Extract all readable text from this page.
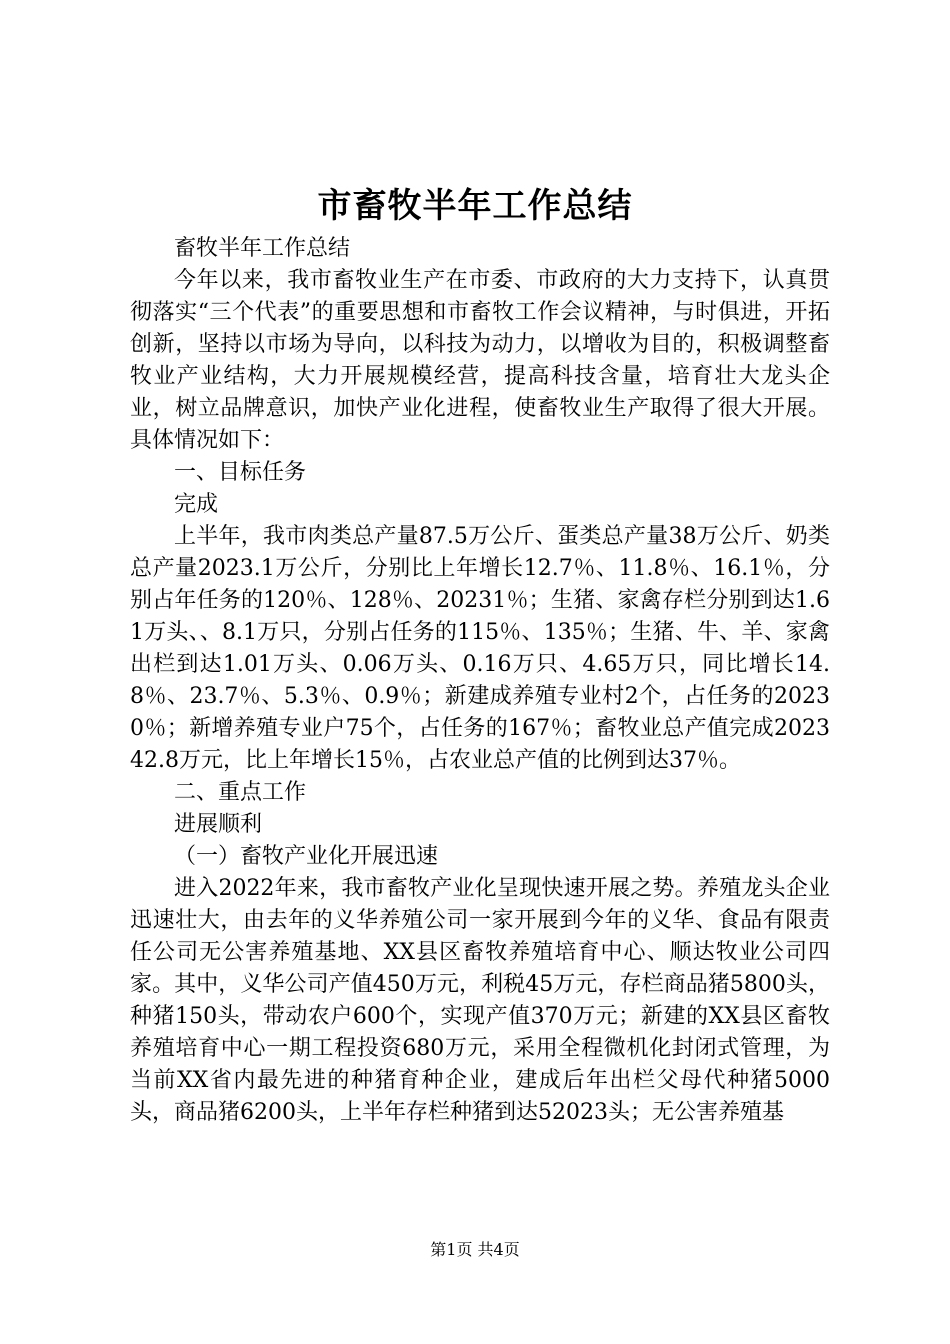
市畜牧半年工作总结

畜牧半年工作总结

今年以来，我市畜牧业生产在市委、市政府的大力支持下，认真贯彻落实“三个代表”的重要思想和市畜牧工作会议精神，与时俱进，开拓创新，坚持以市场为导向，以科技为动力，以增收为目的，积极调整畜牧业产业结构，大力开展规模经营，提高科技含量，培育壮大龙头企业，树立品牌意识，加快产业化进程，使畜牧业生产取得了很大开展。具体情况如下：

一、目标任务

完成

上半年，我市肉类总产量87.5万公斤、蛋类总产量38万公斤、奶类总产量2023.1万公斤，分别比上年增长12.7％、11.8％、16.1％，分别占年任务的120％、128％、20231％；生猪、家禽存栏分别到达1.61万头、、8.1万只，分别占任务的115％、135％；生猪、牛、羊、家禽出栏到达1.01万头、0.06万头、0.16万只、4.65万只，同比增长14.8％、23.7％、5.3％、0.9％；新建成养殖专业村2个，占任务的20230％；新增养殖专业户75个，占任务的167％；畜牧业总产值完成202342.8万元，比上年增长15％，占农业总产值的比例到达37％。

二、重点工作

进展顺利

（一）畜牧产业化开展迅速

进入2022年来，我市畜牧产业化呈现快速开展之势。养殖龙头企业迅速壮大，由去年的义华养殖公司一家开展到今年的义华、食品有限责任公司无公害养殖基地、XX县区畜牧养殖培育中心、顺达牧业公司四家。其中，义华公司产值450万元，利税45万元，存栏商品猪5800头，种猪150头，带动农户600个，实现产值370万元；新建的XX县区畜牧养殖培育中心一期工程投资680万元，采用全程微机化封闭式管理，为当前XX省内最先进的种猪育种企业，建成后年出栏父母代种猪5000头，商品猪6200头，上半年存栏种猪到达52023头；无公害养殖基

第1页 共4页
